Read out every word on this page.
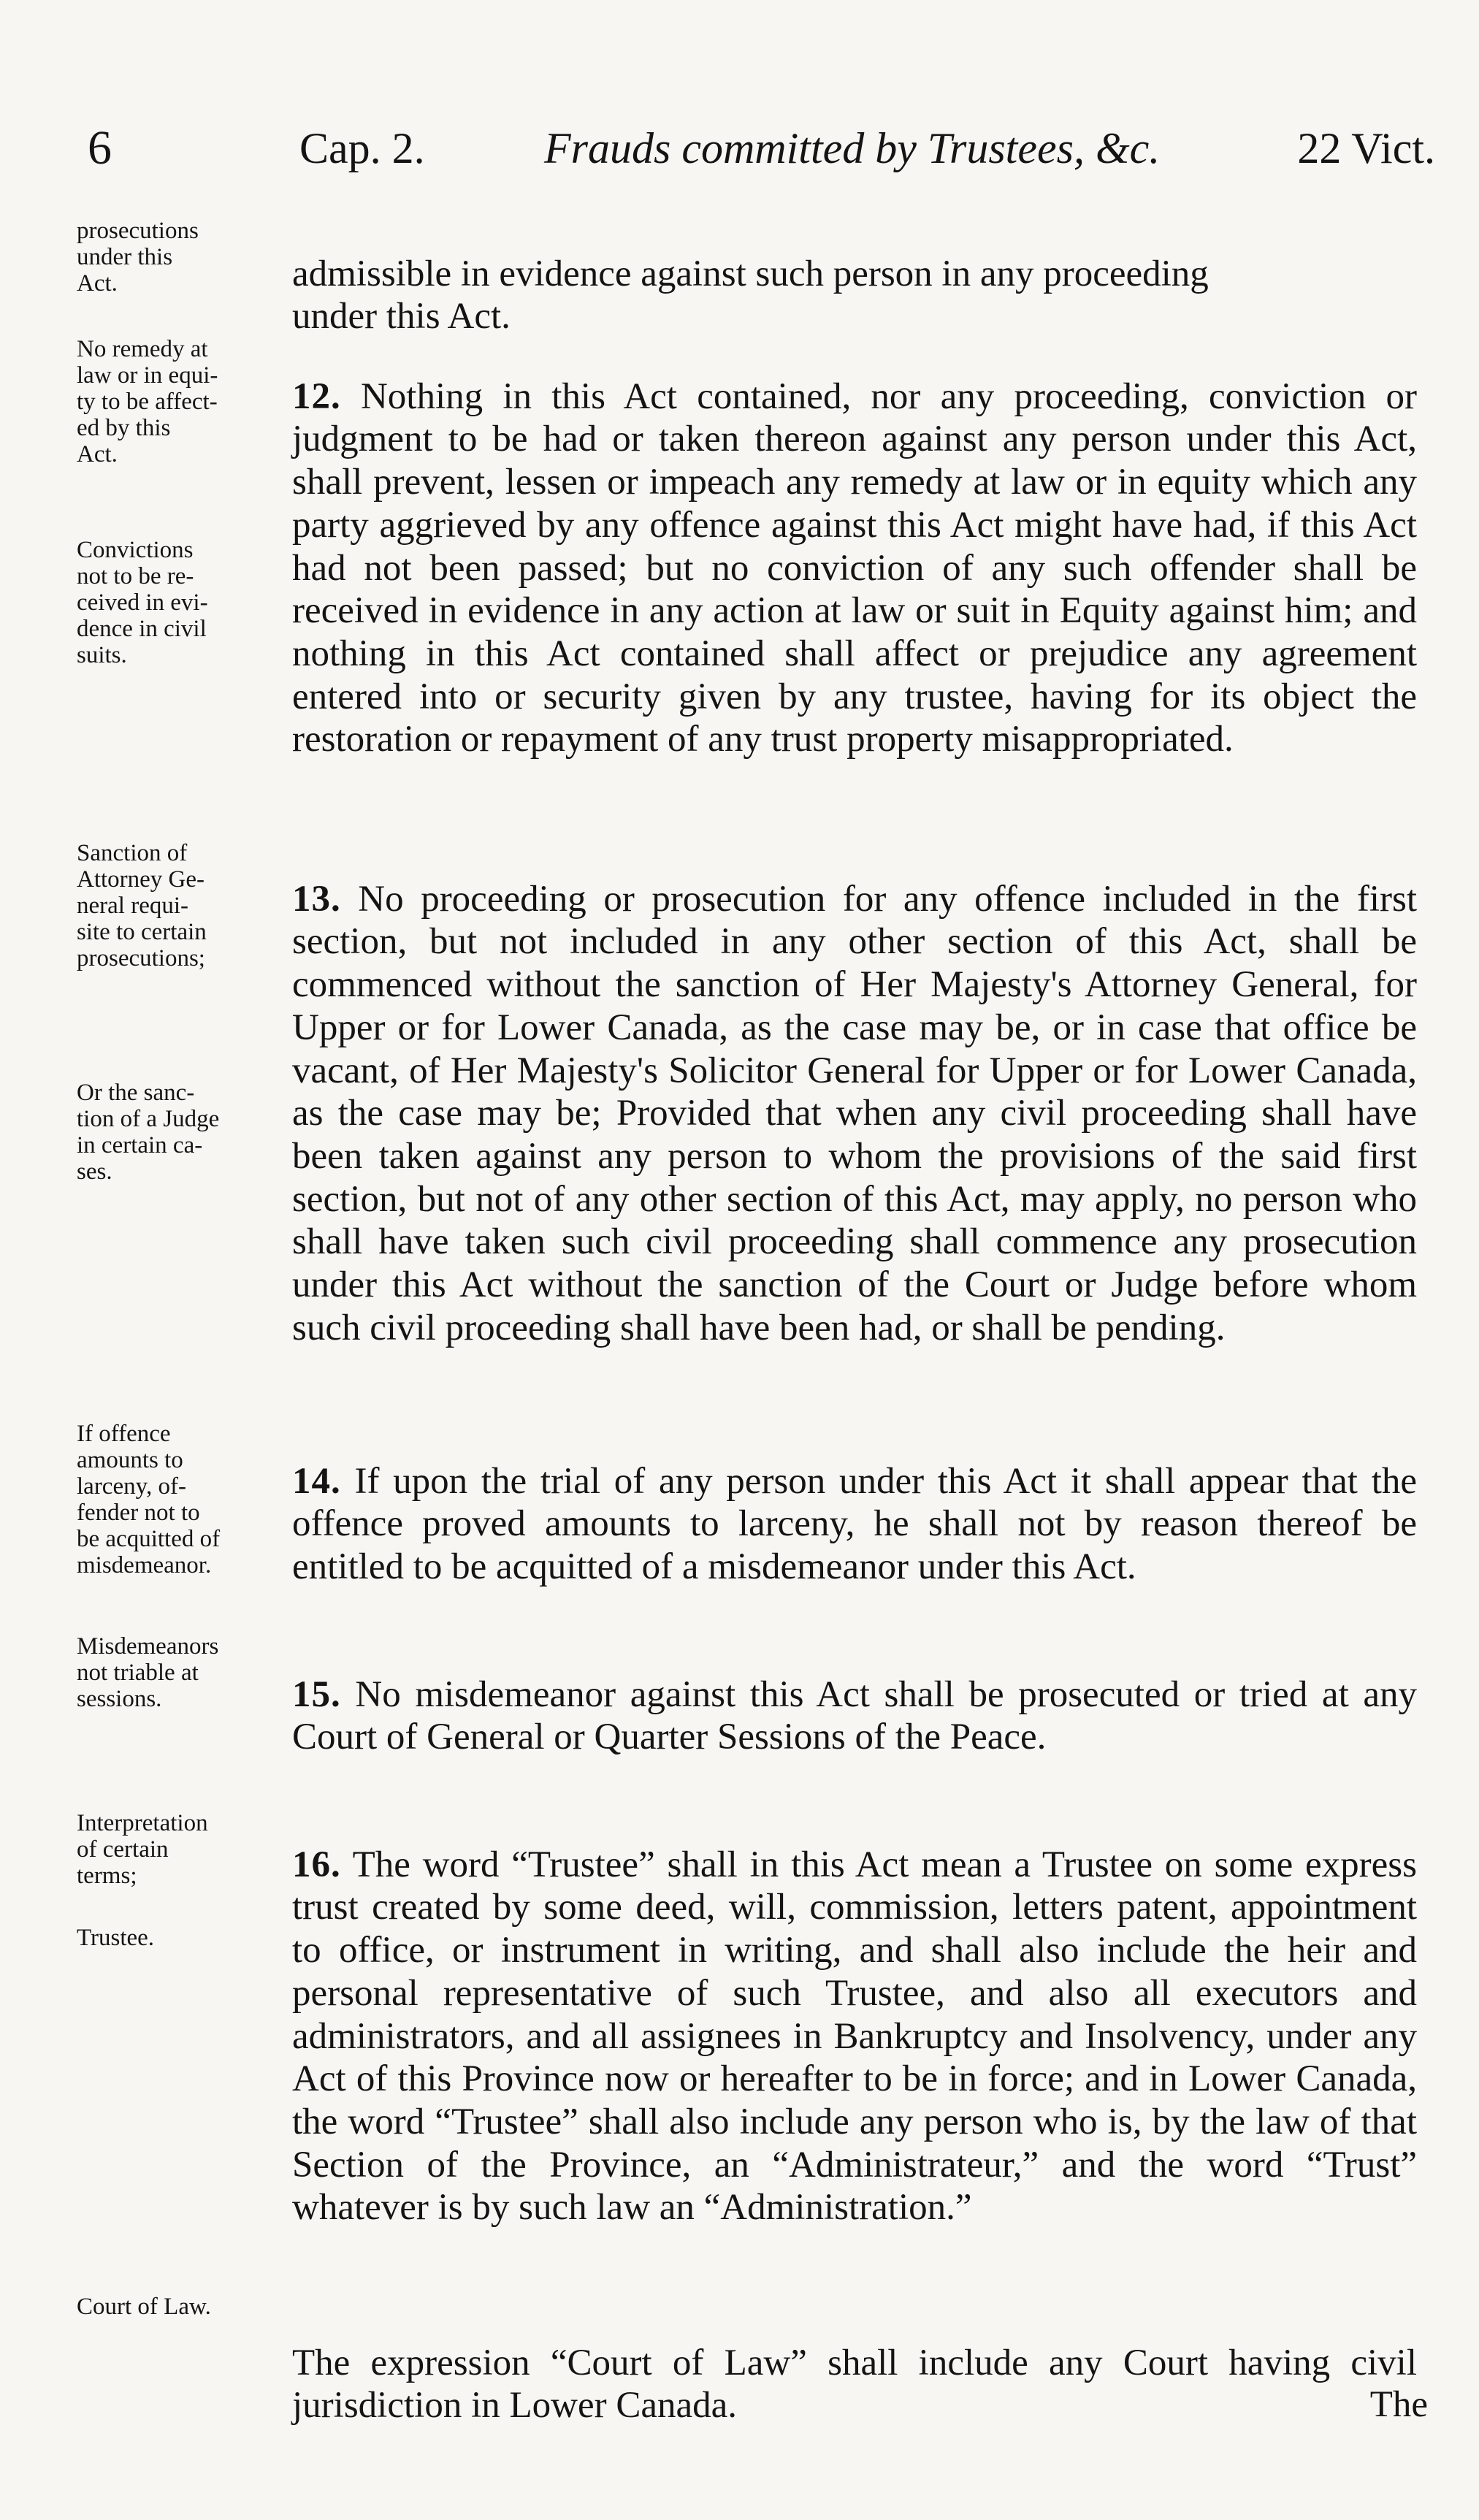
6	Cap. 2.	Frauds committed by Trustees, &c.	22 Vict.
prosecutions
under this
Act.
No remedy at
law or in equi-
ty to be affect-
ed by this
Act.
Convictions
not to be re-
ceived in evi-
dence in civil
suits.
Sanction of
Attorney Ge-
neral requi-
site to certain
prosecutions;
Or the sanc-
tion of a Judge
in certain ca-
ses.
If offence
amounts to
larceny, of-
fender not to
be acquitted of
misdemeanor.
Misdemeanors
not triable at
sessions.
Interpretation
of certain
terms;
Trustee.
Court of Law.

admissible in evidence against such person in any proceeding
under this Act.

12. Nothing in this Act contained, nor any proceeding, conviction or judgment to be had or taken thereon against any person under this Act, shall prevent, lessen or impeach any remedy at law or in equity which any party aggrieved by any offence against this Act might have had, if this Act had not been passed; but no conviction of any such offender shall be received in evidence in any action at law or suit in Equity against him; and nothing in this Act contained shall affect or prejudice any agreement entered into or security given by any trustee, having for its object the restoration or repayment of any trust property misappropriated.

13. No proceeding or prosecution for any offence included in the first section, but not included in any other section of this Act, shall be commenced without the sanction of Her Majesty's Attorney General, for Upper or for Lower Canada, as the case may be, or in case that office be vacant, of Her Majesty's Solicitor General for Upper or for Lower Canada, as the case may be; Provided that when any civil proceeding shall have been taken against any person to whom the provisions of the said first section, but not of any other section of this Act, may apply, no person who shall have taken such civil proceeding shall commence any prosecution under this Act without the sanction of the Court or Judge before whom such civil proceeding shall have been had, or shall be pending.

14. If upon the trial of any person under this Act it shall appear that the offence proved amounts to larceny, he shall not by reason thereof be entitled to be acquitted of a misdemeanor under this Act.

15. No misdemeanor against this Act shall be prosecuted or tried at any Court of General or Quarter Sessions of the Peace.

16. The word “Trustee” shall in this Act mean a Trustee on some express trust created by some deed, will, commission, letters patent, appointment to office, or instrument in writing, and shall also include the heir and personal representative of such Trustee, and also all executors and administrators, and all assignees in Bankruptcy and Insolvency, under any Act of this Province now or hereafter to be in force; and in Lower Canada, the word “Trustee” shall also include any person who is, by the law of that Section of the Province, an “Administrateur,” and the word “Trust” whatever is by such law an “Administration.”

The expression “Court of Law” shall include any Court having civil jurisdiction in Lower Canada.	The
